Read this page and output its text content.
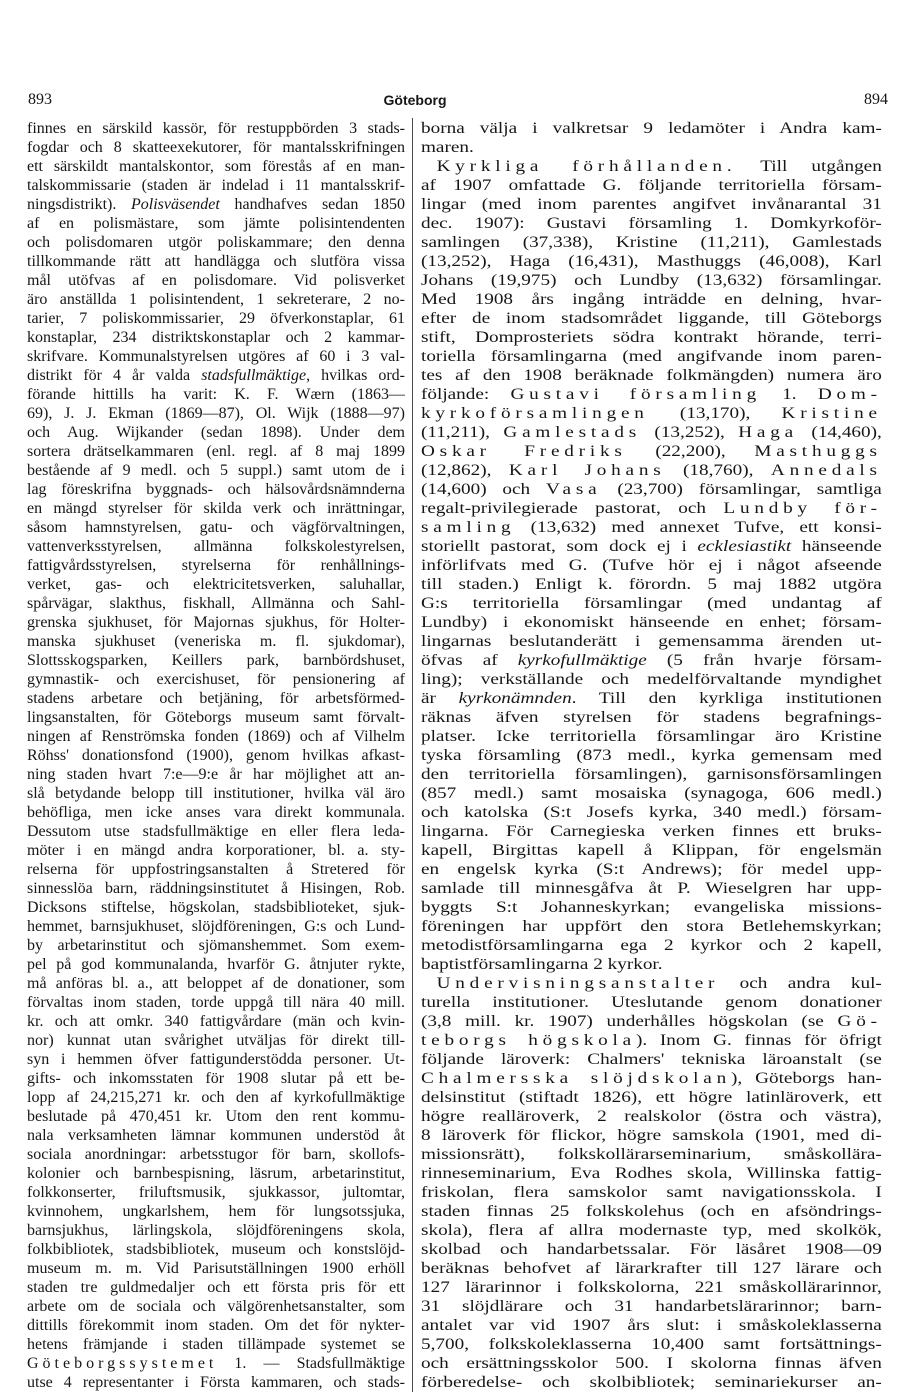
893	Göteborg	894
finnes en särskild kassör, för restuppbörden 3 stads-
fogdar och 8 skatteexekutorer, för mantalsskrifningen
ett särskildt mantalskontor, som förestås af en man-
talskommissarie (staden är indelad i 11 mantalsskrif-
ningsdistrikt). Polisväsendet handhafves sedan 1850
af en polismästare, som jämte polisintendenten
och polisdomaren utgör poliskammare; den denna
tillkommande rätt att handlägga och slutföra vissa
mål utöfvas af en polisdomare. Vid polisverket
äro anställda 1 polisintendent, 1 sekreterare, 2 no-
tarier, 7 poliskommissarier, 29 öfverkonstaplar, 61
konstaplar, 234 distriktskonstaplar och 2 kammar-
skrifvare. Kommunalstyrelsen utgöres af 60 i 3 val-
distrikt för 4 år valda stadsfullmäktige, hvilkas ord-
förande hittills ha varit: K. F. Wærn (1863—
69), J. J. Ekman (1869—87), Ol. Wijk (1888—97)
och Aug. Wijkander (sedan 1898). Under dem
sortera drätselkammaren (enl. regl. af 8 maj 1899
bestående af 9 medl. och 5 suppl.) samt utom de i
lag föreskrifna byggnads- och hälsovårdsnämnderna
en mängd styrelser för skilda verk och inrättningar,
såsom hamnstyrelsen, gatu- och vägförvaltningen,
vattenverksstyrelsen, allmänna folkskolestyrelsen,
fattigvårdsstyrelsen, styrelserna för renhållnings-
verket, gas- och elektricitetsverken, saluhallar,
spårvägar, slakthus, fiskhall, Allmänna och Sahl-
grenska sjukhuset, för Majornas sjukhus, för Holter-
manska sjukhuset (veneriska m. fl. sjukdomar),
Slottsskogsparken, Keillers park, barnbördshuset,
gymnastik- och exercishuset, för pensionering af
stadens arbetare och betjäning, för arbetsförmed-
lingsanstalten, för Göteborgs museum samt förvalt-
ningen af Renströmska fonden (1869) och af Vilhelm
Röhss' donationsfond (1900), genom hvilkas afkast-
ning staden hvart 7:e—9:e år har möjlighet att an-
slå betydande belopp till institutioner, hvilka väl äro
behöfliga, men icke anses vara direkt kommunala.
Dessutom utse stadsfullmäktige en eller flera leda-
möter i en mängd andra korporationer, bl. a. sty-
relserna för uppfostringsanstalten å Stretered för
sinnesslöa barn, räddningsinstitutet å Hisingen, Rob.
Dicksons stiftelse, högskolan, stadsbiblioteket, sjuk-
hemmet, barnsjukhuset, slöjdföreningen, G:s och Lund-
by arbetarinstitut och sjömanshemmet. Som exem-
pel på god kommunalanda, hvarför G. åtnjuter rykte,
må anföras bl. a., att beloppet af de donationer, som
förvaltas inom staden, torde uppgå till nära 40 mill.
kr. och att omkr. 340 fattigvårdare (män och kvin-
nor) kunnat utan svårighet utväljas för direkt till-
syn i hemmen öfver fattigunderstödda personer. Ut-
gifts- och inkomsstaten för 1908 slutar på ett be-
lopp af 24,215,271 kr. och den af kyrkofullmäktige
beslutade på 470,451 kr. Utom den rent kommu-
nala verksamheten lämnar kommunen understöd åt
sociala anordningar: arbetsstugor för barn, skollofs-
kolonier och barnbespisning, läsrum, arbetarinstitut,
folkkonserter, friluftsmusik, sjukkassor, jultomtar,
kvinnohem, ungkarlshem, hem för lungsotssjuka,
barnsjukhus, lärlingskola, slöjdföreningens skola,
folkbibliotek, stadsbibliotek, museum och konstslöjd-
museum m. m. Vid Parisutställningen 1900 erhöll
staden tre guldmedaljer och ett första pris för ett
arbete om de sociala och välgörenhetsanstalter, som
dittills förekommit inom staden. Om det för nykter-
hetens främjande i staden tillämpade systemet se
Göteborgssystemet 1. — Stadsfullmäktige
utse 4 representanter i Första kammaren, och stads-
borna välja i valkretsar 9 ledamöter i Andra kam-
maren.
Kyrkliga förhållanden. Till utgången
af 1907 omfattade G. följande territoriella försam-
lingar (med inom parentes angifvet invånarantal 31
dec. 1907): Gustavi församling 1. Domkyrkoför-
samlingen (37,338), Kristine (11,211), Gamlestads
(13,252), Haga (16,431), Masthuggs (46,008), Karl
Johans (19,975) och Lundby (13,632) församlingar.
Med 1908 års ingång inträdde en delning, hvar-
efter de inom stadsområdet liggande, till Göteborgs
stift, Domprosteriets södra kontrakt hörande, terri-
toriella församlingarna (med angifvande inom paren-
tes af den 1908 beräknade folkmängden) numera äro
följande: Gustavi församling 1. Dom-
kyrkoförsamlingen (13,170), Kristine
(11,211), Gamlestads (13,252), Haga (14,460),
Oskar Fredriks (22,200), Masthuggs
(12,862), Karl Johans (18,760), Annedals
(14,600) och Vasa (23,700) församlingar, samtliga
regalt-privilegierade pastorat, och Lundby för-
samling (13,632) med annexet Tufve, ett konsi-
storiellt pastorat, som dock ej i ecklesiastikt hänseende
införlifvats med G. (Tufve hör ej i något afseende
till staden.) Enligt k. förordn. 5 maj 1882 utgöra
G:s territoriella församlingar (med undantag af
Lundby) i ekonomiskt hänseende en enhet; försam-
lingarnas beslutanderätt i gemensamma ärenden ut-
öfvas af kyrkofullmäktige (5 från hvarje försam-
ling); verkställande och medelförvaltande myndighet
är kyrkonämnden. Till den kyrkliga institutionen
räknas äfven styrelsen för stadens begrafnings-
platser. Icke territoriella församlingar äro Kristine
tyska församling (873 medl., kyrka gemensam med
den territoriella församlingen), garnisonsförsamlingen
(857 medl.) samt mosaiska (synagoga, 606 medl.)
och katolska (S:t Josefs kyrka, 340 medl.) försam-
lingarna. För Carnegieska verken finnes ett bruks-
kapell, Birgittas kapell å Klippan, för engelsmän
en engelsk kyrka (S:t Andrews); för medel upp-
samlade till minnesgåfva åt P. Wieselgren har upp-
byggts S:t Johanneskyrkan; evangeliska missions-
föreningen har uppfört den stora Betlehemskyrkan;
metodistförsamlingarna ega 2 kyrkor och 2 kapell,
baptistförsamlingarna 2 kyrkor.
Undervisningsanstalter och andra kul-
turella institutioner. Uteslutande genom donationer
(3,8 mill. kr. 1907) underhålles högskolan (se Gö-
teborgs högskola). Inom G. finnas för öfrigt
följande läroverk: Chalmers' tekniska läroanstalt (se
Chalmersska slöjdskolan), Göteborgs han-
delsinstitut (stiftadt 1826), ett högre latinläroverk, ett
högre realläroverk, 2 realskolor (östra och västra),
8 läroverk för flickor, högre samskola (1901, med di-
missionsrätt), folkskollärarseminarium, småskollära-
rinneseminarium, Eva Rodhes skola, Willinska fattig-
friskolan, flera samskolor samt navigationsskola. I
staden finnas 25 folkskolehus (och en afsöndrings-
skola), flera af allra modernaste typ, med skolkök,
skolbad och handarbetssalar. För läsåret 1908—09
beräknas behofvet af lärarkrafter till 127 lärare och
127 lärarinnor i folkskolorna, 221 småskollärarinnor,
31 slöjdlärare och 31 handarbetslärarinnor; barn-
antalet var vid 1907 års slut: i småskoleklasserna
5,700, folkskoleklasserna 10,400 samt fortsättnings-
och ersättningsskolor 500. I skolorna finnas äfven
förberedelse- och skolbibliotek; seminariekurser an-
